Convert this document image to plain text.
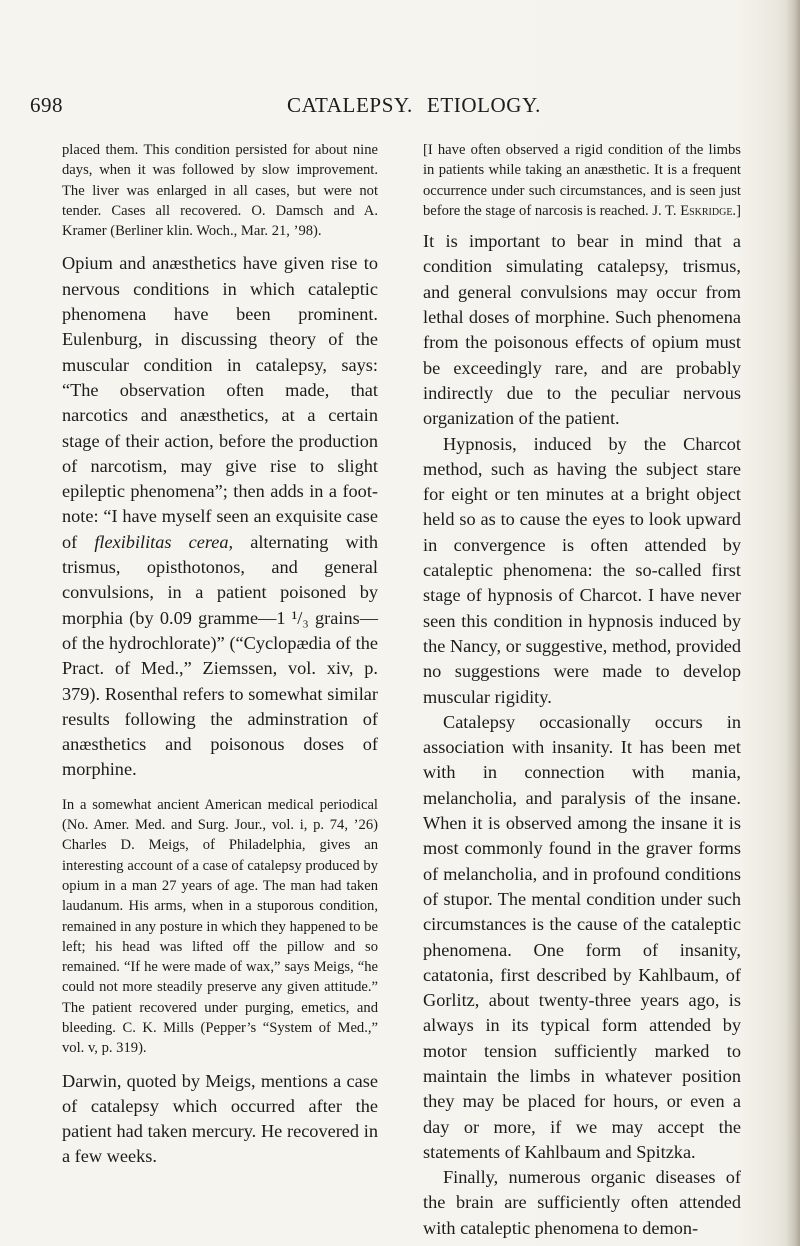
698	CATALEPSY. ETIOLOGY.

placed them. This condition persisted for about nine days, when it was followed by slow improvement. The liver was enlarged in all cases, but were not tender. Cases all recovered. O. Damsch and A. Kramer (Berliner klin. Woch., Mar. 21, ’98).

Opium and anæsthetics have given rise to nervous conditions in which cataleptic phenomena have been prominent. Eulenburg, in discussing theory of the muscular condition in catalepsy, says: “The observation often made, that narcotics and anæsthetics, at a certain stage of their action, before the production of narcotism, may give rise to slight epileptic phenomena”; then adds in a foot-note: “I have myself seen an exquisite case of flexibilitas cerea, alternating with trismus, opisthotonos, and general convulsions, in a patient poisoned by morphia (by 0.09 gramme—1 ¹/₃ grains—of the hydrochlorate)” (“Cyclopædia of the Pract. of Med.,” Ziemssen, vol. xiv, p. 379). Rosenthal refers to somewhat similar results following the adminstration of anæsthetics and poisonous doses of morphine.

In a somewhat ancient American medical periodical (No. Amer. Med. and Surg. Jour., vol. i, p. 74, ’26) Charles D. Meigs, of Philadelphia, gives an interesting account of a case of catalepsy produced by opium in a man 27 years of age. The man had taken laudanum. His arms, when in a stuporous condition, remained in any posture in which they happened to be left; his head was lifted off the pillow and so remained. “If he were made of wax,” says Meigs, “he could not more steadily preserve any given attitude.” The patient recovered under purging, emetics, and bleeding. C. K. Mills (Pepper’s “System of Med.,” vol. v, p. 319).

Darwin, quoted by Meigs, mentions a case of catalepsy which occurred after the patient had taken mercury. He recovered in a few weeks.

[I have often observed a rigid condition of the limbs in patients while taking an anæsthetic. It is a frequent occurrence under such circumstances, and is seen just before the stage of narcosis is reached. J. T. Eskridge.]

It is important to bear in mind that a condition simulating catalepsy, trismus, and general convulsions may occur from lethal doses of morphine. Such phenomena from the poisonous effects of opium must be exceedingly rare, and are probably indirectly due to the peculiar nervous organization of the patient.

Hypnosis, induced by the Charcot method, such as having the subject stare for eight or ten minutes at a bright object held so as to cause the eyes to look upward in convergence is often attended by cataleptic phenomena: the so-called first stage of hypnosis of Charcot. I have never seen this condition in hypnosis induced by the Nancy, or suggestive, method, provided no suggestions were made to develop muscular rigidity.

Catalepsy occasionally occurs in association with insanity. It has been met with in connection with mania, melancholia, and paralysis of the insane. When it is observed among the insane it is most commonly found in the graver forms of melancholia, and in profound conditions of stupor. The mental condition under such circumstances is the cause of the cataleptic phenomena. One form of insanity, catatonia, first described by Kahlbaum, of Gorlitz, about twenty-three years ago, is always in its typical form attended by motor tension sufficiently marked to maintain the limbs in whatever position they may be placed for hours, or even a day or more, if we may accept the statements of Kahlbaum and Spitzka.

Finally, numerous organic diseases of the brain are sufficiently often attended with cataleptic phenomena to demon-
